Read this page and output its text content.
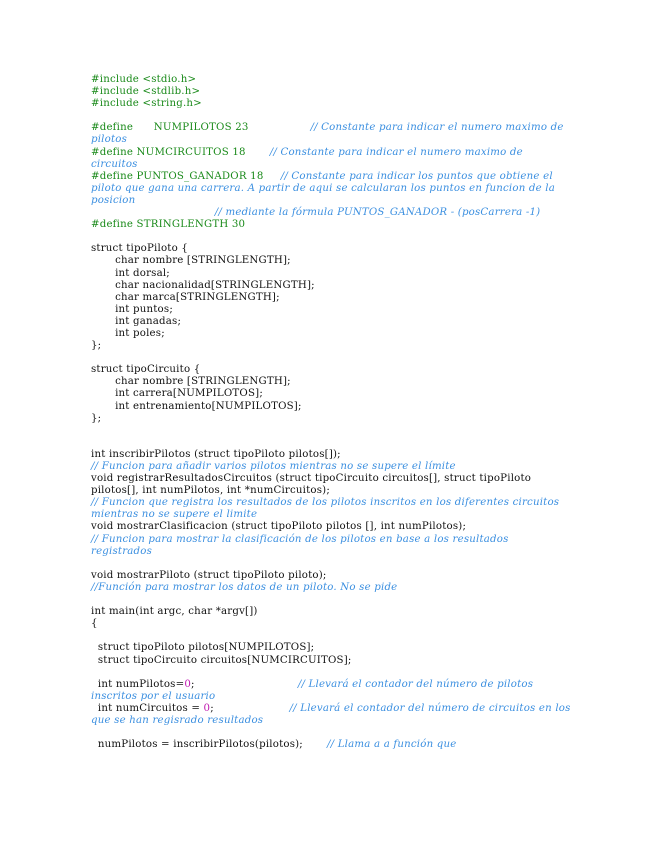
#include <stdio.h>
#include <stdlib.h>
#include <string.h>
#define      NUMPILOTOS 23	// Constante para indicar el numero maximo de pilotos
#define NUMCIRCUITOS 18 // Constante para indicar el numero maximo de circuitos
#define PUNTOS_GANADOR 18 // Constante para indicar los puntos que obtiene el piloto que gana una carrera. A partir de aqui se calcularan los puntos en funcion de la posicion
// mediante la fórmula PUNTOS_GANADOR - (posCarrera -1)
#define STRINGLENGTH 30
struct tipoPiloto {
char nombre [STRINGLENGTH];
int dorsal;
char nacionalidad[STRINGLENGTH];
char marca[STRINGLENGTH];
int puntos;
int ganadas;
int poles;
};
struct tipoCircuito {
char nombre [STRINGLENGTH];
int carrera[NUMPILOTOS];
int entrenamiento[NUMPILOTOS];
};
int inscribirPilotos (struct tipoPiloto pilotos[]);
// Funcion para añadir varios pilotos mientras no se supere el límite
void registrarResultadosCircuitos (struct tipoCircuito circuitos[], struct tipoPiloto pilotos[], int numPilotos, int *numCircuitos);
// Funcion que registra los resultados de los pilotos inscritos en los diferentes circuitos mientras no se supere el limite
void mostrarClasificacion (struct tipoPiloto pilotos [], int numPilotos);
// Funcion para mostrar la clasificación de los pilotos en base a los resultados registrados
void mostrarPiloto (struct tipoPiloto piloto);
//Función para mostrar los datos de un piloto. No se pide
int main(int argc, char *argv[])
{
struct tipoPiloto pilotos[NUMPILOTOS];
struct tipoCircuito circuitos[NUMCIRCUITOS];
int numPilotos=0;	// Llevará el contador del número de pilotos inscritos por el usuario
int numCircuitos = 0;	// Llevará el contador del número de circuitos en los que se han regisrado resultados
numPilotos = inscribirPilotos(pilotos); // Llama a a función que
